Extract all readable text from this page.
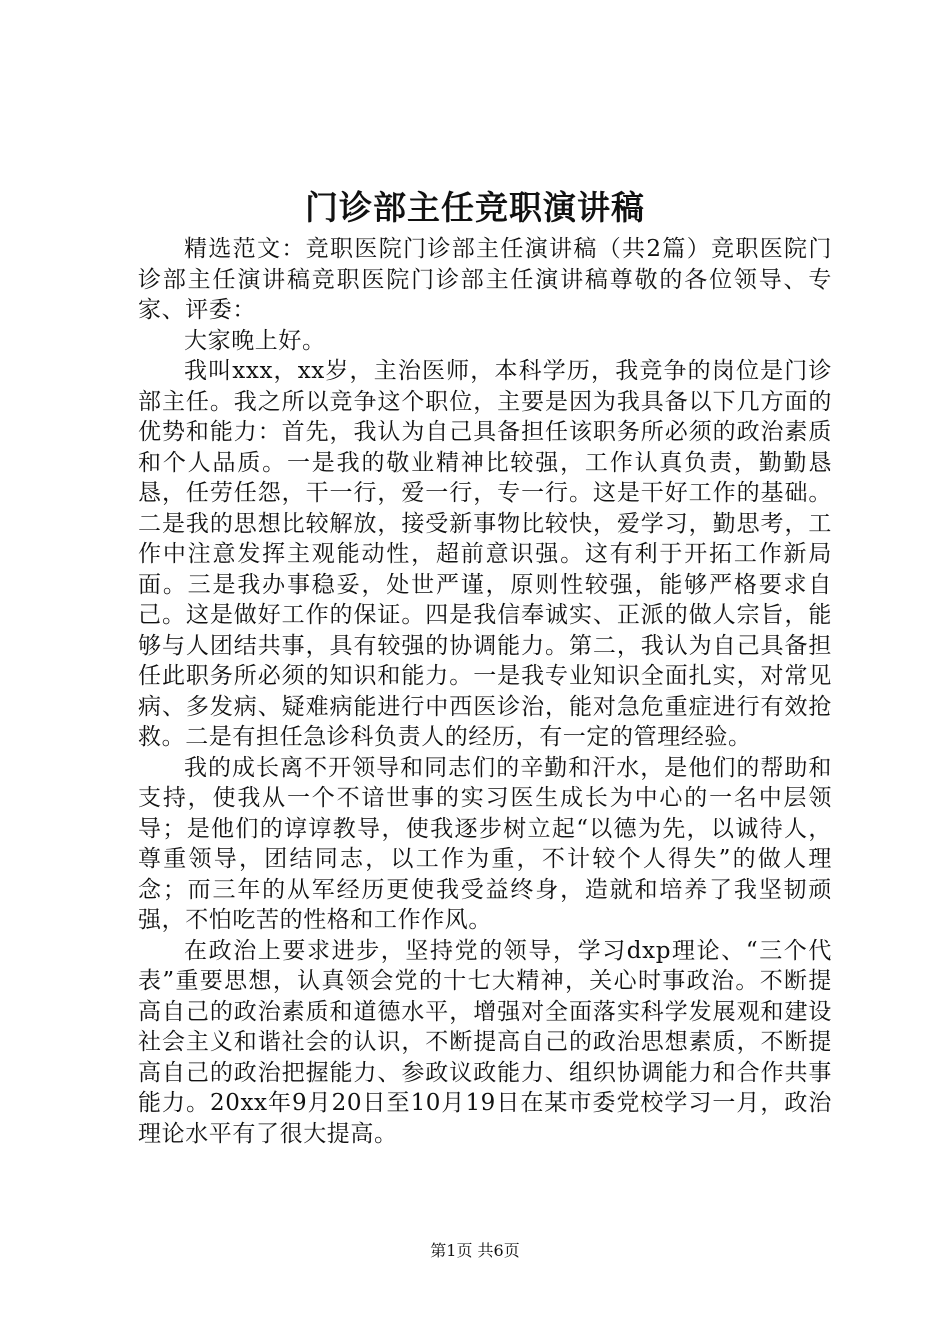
门诊部主任竞职演讲稿

精选范文：竞职医院门诊部主任演讲稿（共2篇）竞职医院门诊部主任演讲稿竞职医院门诊部主任演讲稿尊敬的各位领导、专家、评委：

大家晚上好。

我叫xxx，xx岁，主治医师，本科学历，我竞争的岗位是门诊部主任。我之所以竞争这个职位，主要是因为我具备以下几方面的优势和能力：首先，我认为自己具备担任该职务所必须的政治素质和个人品质。一是我的敬业精神比较强，工作认真负责，勤勤恳恳，任劳任怨，干一行，爱一行，专一行。这是干好工作的基础。二是我的思想比较解放，接受新事物比较快，爱学习，勤思考，工作中注意发挥主观能动性，超前意识强。这有利于开拓工作新局面。三是我办事稳妥，处世严谨，原则性较强，能够严格要求自己。这是做好工作的保证。四是我信奉诚实、正派的做人宗旨，能够与人团结共事，具有较强的协调能力。第二，我认为自己具备担任此职务所必须的知识和能力。一是我专业知识全面扎实，对常见病、多发病、疑难病能进行中西医诊治，能对急危重症进行有效抢救。二是有担任急诊科负责人的经历，有一定的管理经验。

我的成长离不开领导和同志们的辛勤和汗水，是他们的帮助和支持，使我从一个不谙世事的实习医生成长为中心的一名中层领导；是他们的谆谆教导，使我逐步树立起“以德为先，以诚待人，尊重领导，团结同志，以工作为重，不计较个人得失”的做人理念；而三年的从军经历更使我受益终身，造就和培养了我坚韧顽强，不怕吃苦的性格和工作作风。

在政治上要求进步，坚持党的领导，学习dxp理论、“三个代表”重要思想，认真领会党的十七大精神，关心时事政治。不断提高自己的政治素质和道德水平，增强对全面落实科学发展观和建设社会主义和谐社会的认识，不断提高自己的政治思想素质，不断提高自己的政治把握能力、参政议政能力、组织协调能力和合作共事能力。20xx年9月20日至10月19日在某市委党校学习一月，政治理论水平有了很大提高。

第1页 共6页
